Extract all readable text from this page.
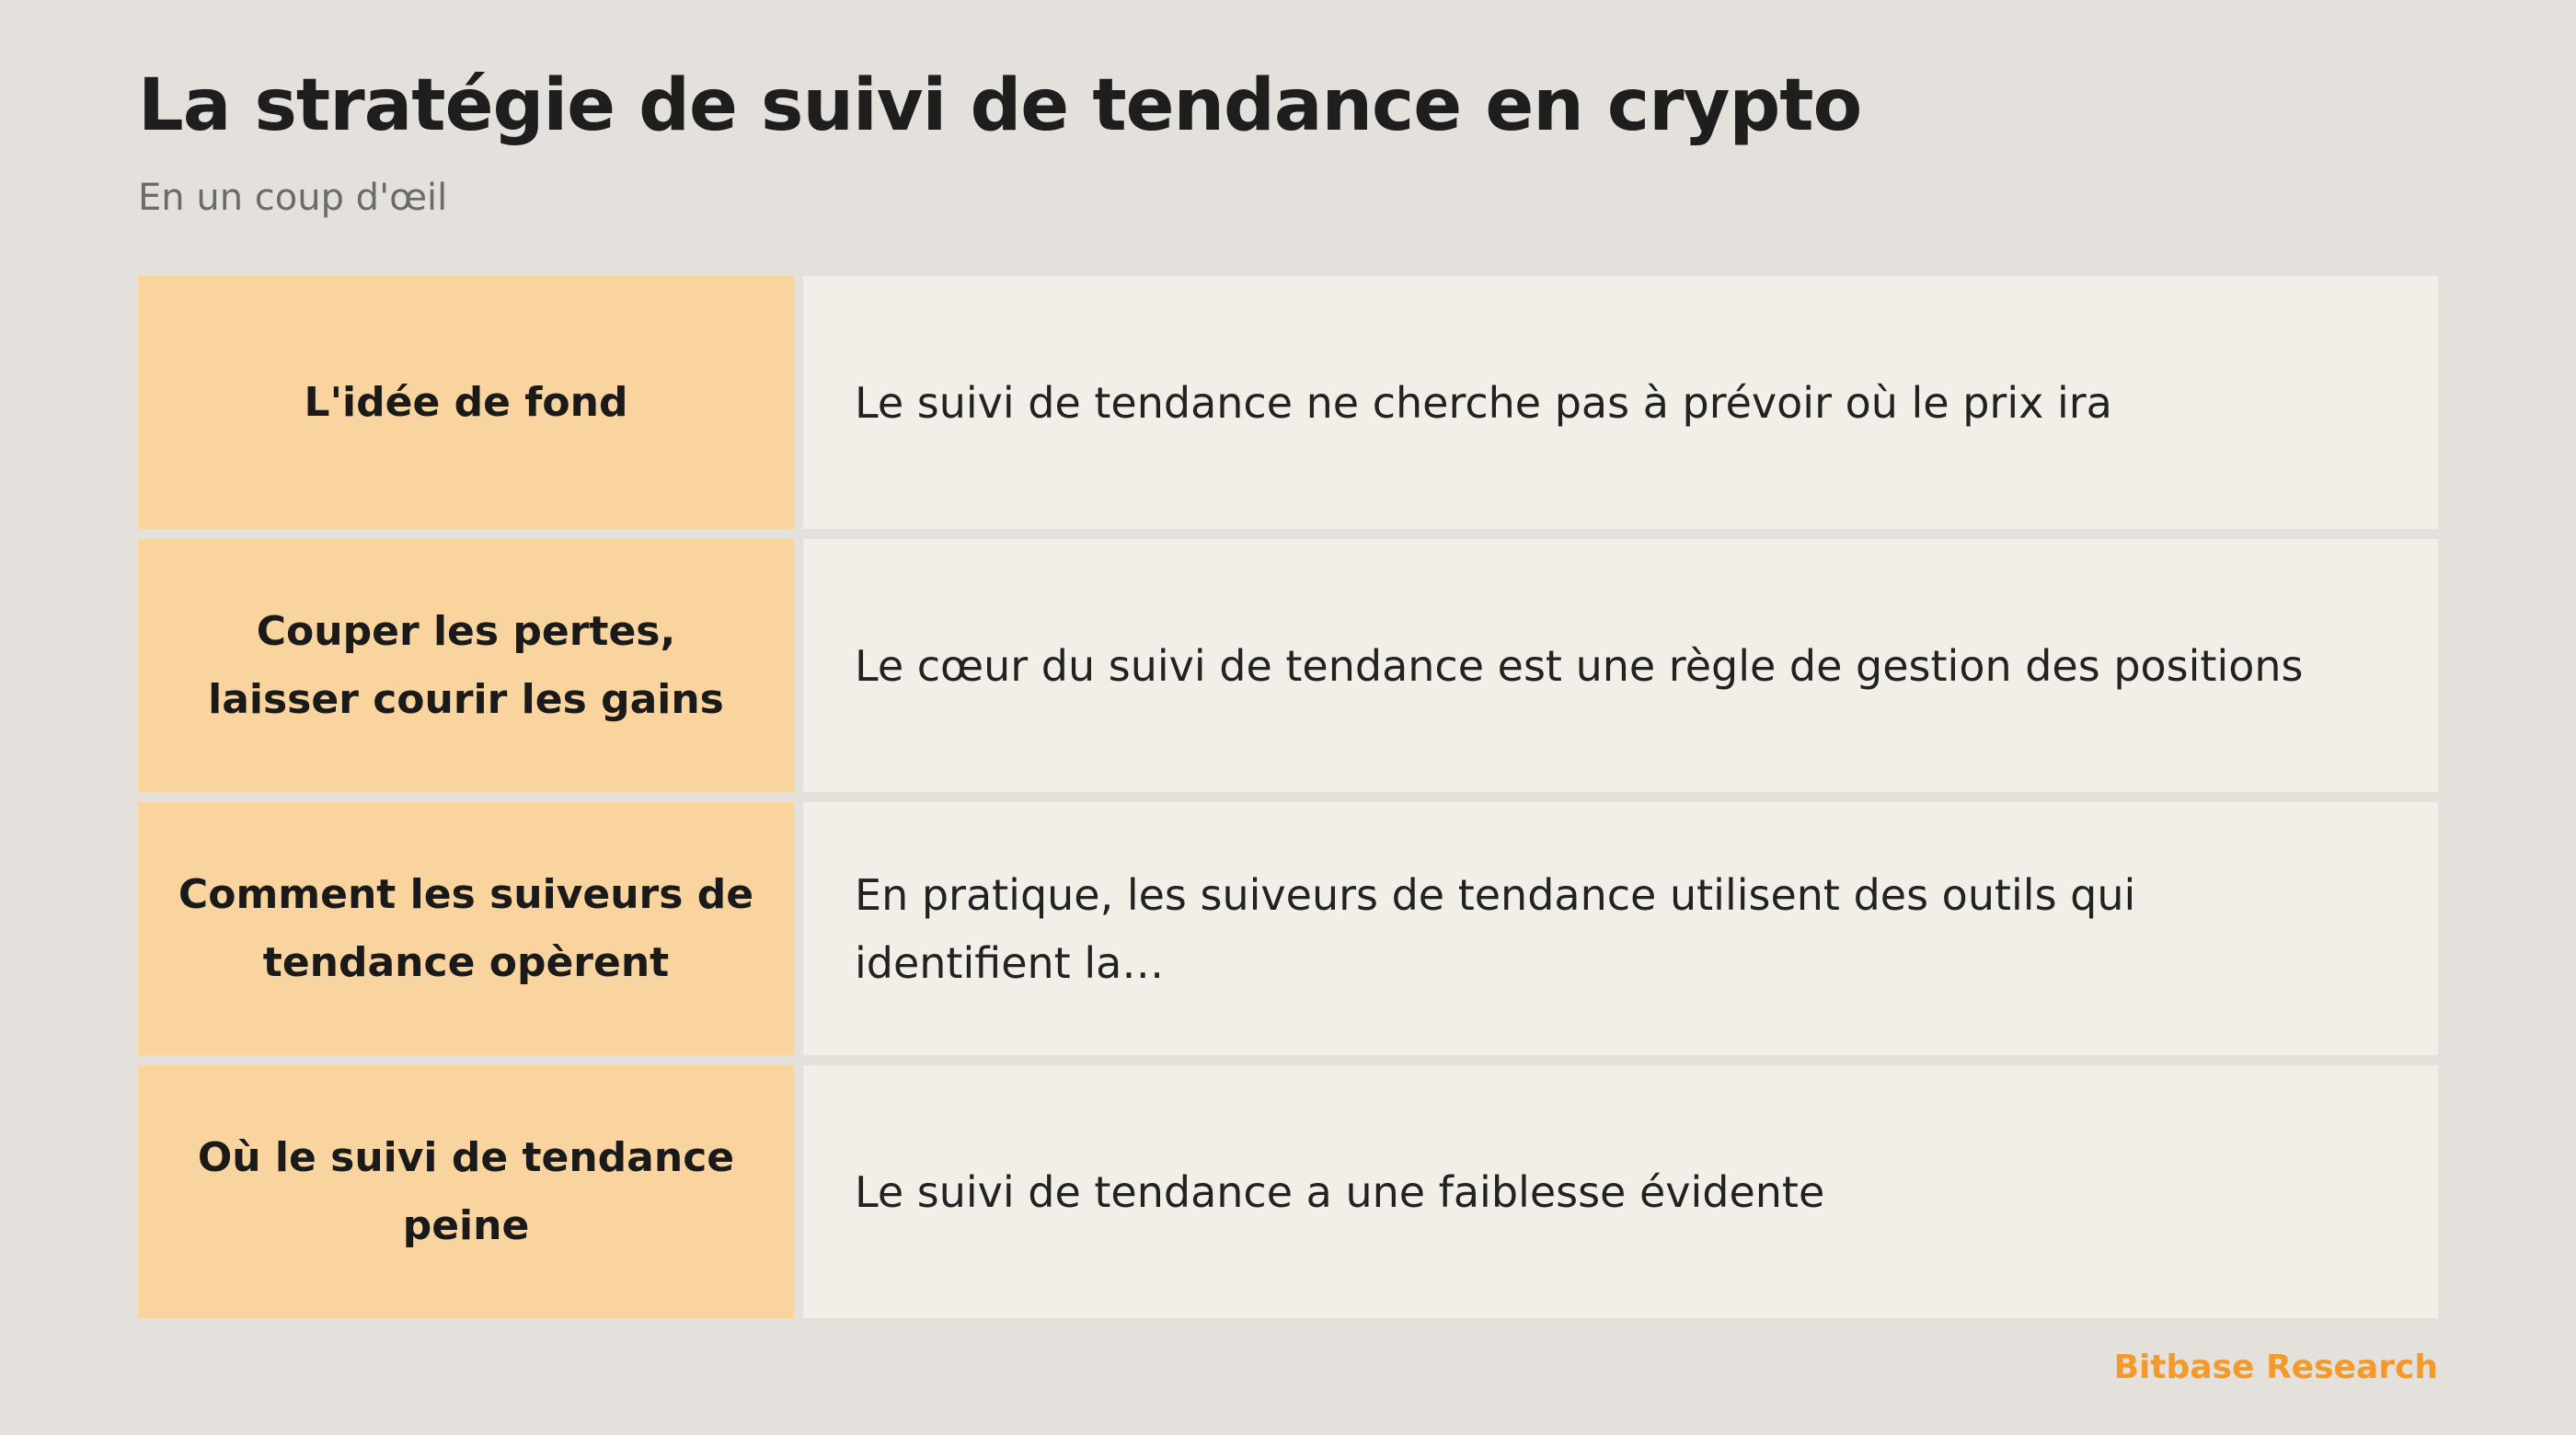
La stratégie de suivi de tendance en crypto

En un coup d'œil

L'idée de fond	Le suivi de tendance ne cherche pas à prévoir où le prix ira
Couper les pertes, laisser courir les gains
Le cœur du suivi de tendance est une règle de gestion des positions
Comment les suiveurs de tendance opèrent
En pratique, les suiveurs de tendance utilisent des outils qui identifient la…
Où le suivi de tendance peine
Le suivi de tendance a une faiblesse évidente
Bitbase Research
